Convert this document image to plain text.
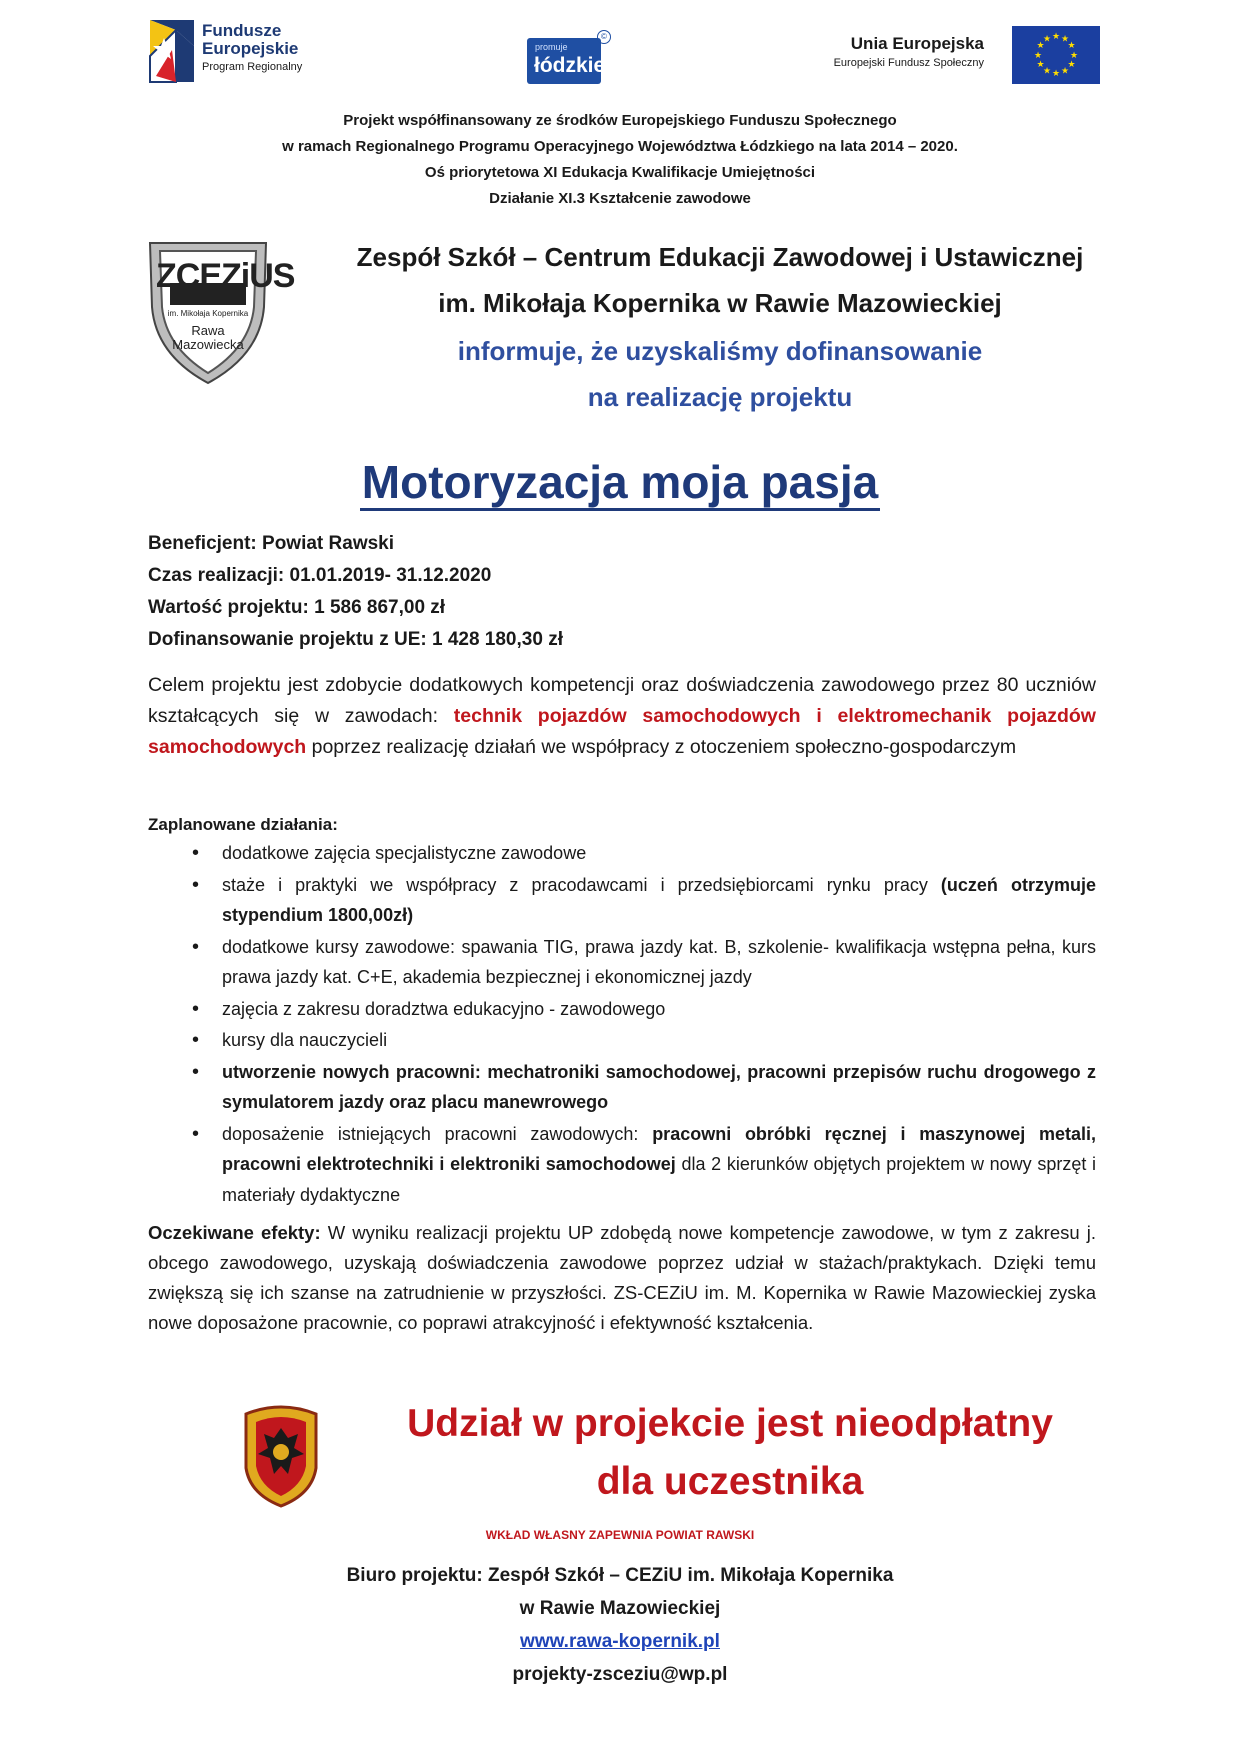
Fundusze
Europejskie
Program Regionalny
promuje
łódzkie
©	Unia Europejska
Europejski Fundusz Społeczny
★ ★
★
★
★
★
★
★
★
★
★
★
Projekt współfinansowany ze środków Europejskiego Funduszu Społecznego
w ramach Regionalnego Programu Operacyjnego Województwa Łódzkiego na lata 2014 – 2020.
Oś priorytetowa XI Edukacja Kwalifikacje Umiejętności
Działanie XI.3 Kształcenie zawodowe
ZCEZiUS
im. Mikołaja Kopernika
Rawa
Mazowiecka
Zespół Szkół – Centrum Edukacji Zawodowej i Ustawicznej
im. Mikołaja Kopernika w Rawie Mazowieckiej
informuje, że uzyskaliśmy dofinansowanie
na realizację projektu
Motoryzacja moja pasja
Beneficjent: Powiat Rawski
Czas realizacji: 01.01.2019- 31.12.2020
Wartość projektu: 1 586 867,00 zł
Dofinansowanie projektu z UE: 1 428 180,30 zł
Celem projektu jest zdobycie dodatkowych kompetencji oraz doświadczenia zawodowego przez 80 uczniów kształcących się w zawodach: technik pojazdów samochodowych i elektromechanik pojazdów samochodowych poprzez realizację działań we współpracy z otoczeniem społeczno-gospodarczym
Zaplanowane działania:
• dodatkowe zajęcia specjalistyczne zawodowe
• staże i praktyki we współpracy z pracodawcami i przedsiębiorcami rynku pracy (uczeń otrzymuje stypendium 1800,00zł)
• dodatkowe kursy zawodowe: spawania TIG, prawa jazdy kat. B, szkolenie- kwalifikacja wstępna pełna, kurs prawa jazdy kat. C+E, akademia bezpiecznej i ekonomicznej jazdy
• zajęcia z zakresu doradztwa edukacyjno - zawodowego
• kursy dla nauczycieli
• utworzenie nowych pracowni: mechatroniki samochodowej, pracowni przepisów ruchu drogowego z symulatorem jazdy oraz placu manewrowego
• doposażenie istniejących pracowni zawodowych: pracowni obróbki ręcznej i maszynowej metali, pracowni elektrotechniki i elektroniki samochodowej dla 2 kierunków objętych projektem w nowy sprzęt i materiały dydaktyczne
Oczekiwane efekty: W wyniku realizacji projektu UP zdobędą nowe kompetencje zawodowe, w tym z zakresu j. obcego zawodowego, uzyskają doświadczenia zawodowe poprzez udział w stażach/praktykach. Dzięki temu zwiększą się ich szanse na zatrudnienie w przyszłości. ZS-CEZiU im. M. Kopernika w Rawie Mazowieckiej zyska nowe doposażone pracownie, co poprawi atrakcyjność i efektywność kształcenia.
Udział w projekcie jest nieodpłatny
dla uczestnika
WKŁAD WŁASNY ZAPEWNIA POWIAT RAWSKI
Biuro projektu: Zespół Szkół – CEZiU im. Mikołaja Kopernika
w Rawie Mazowieckiej
www.rawa-kopernik.pl
projekty-zsceziu@wp.pl
